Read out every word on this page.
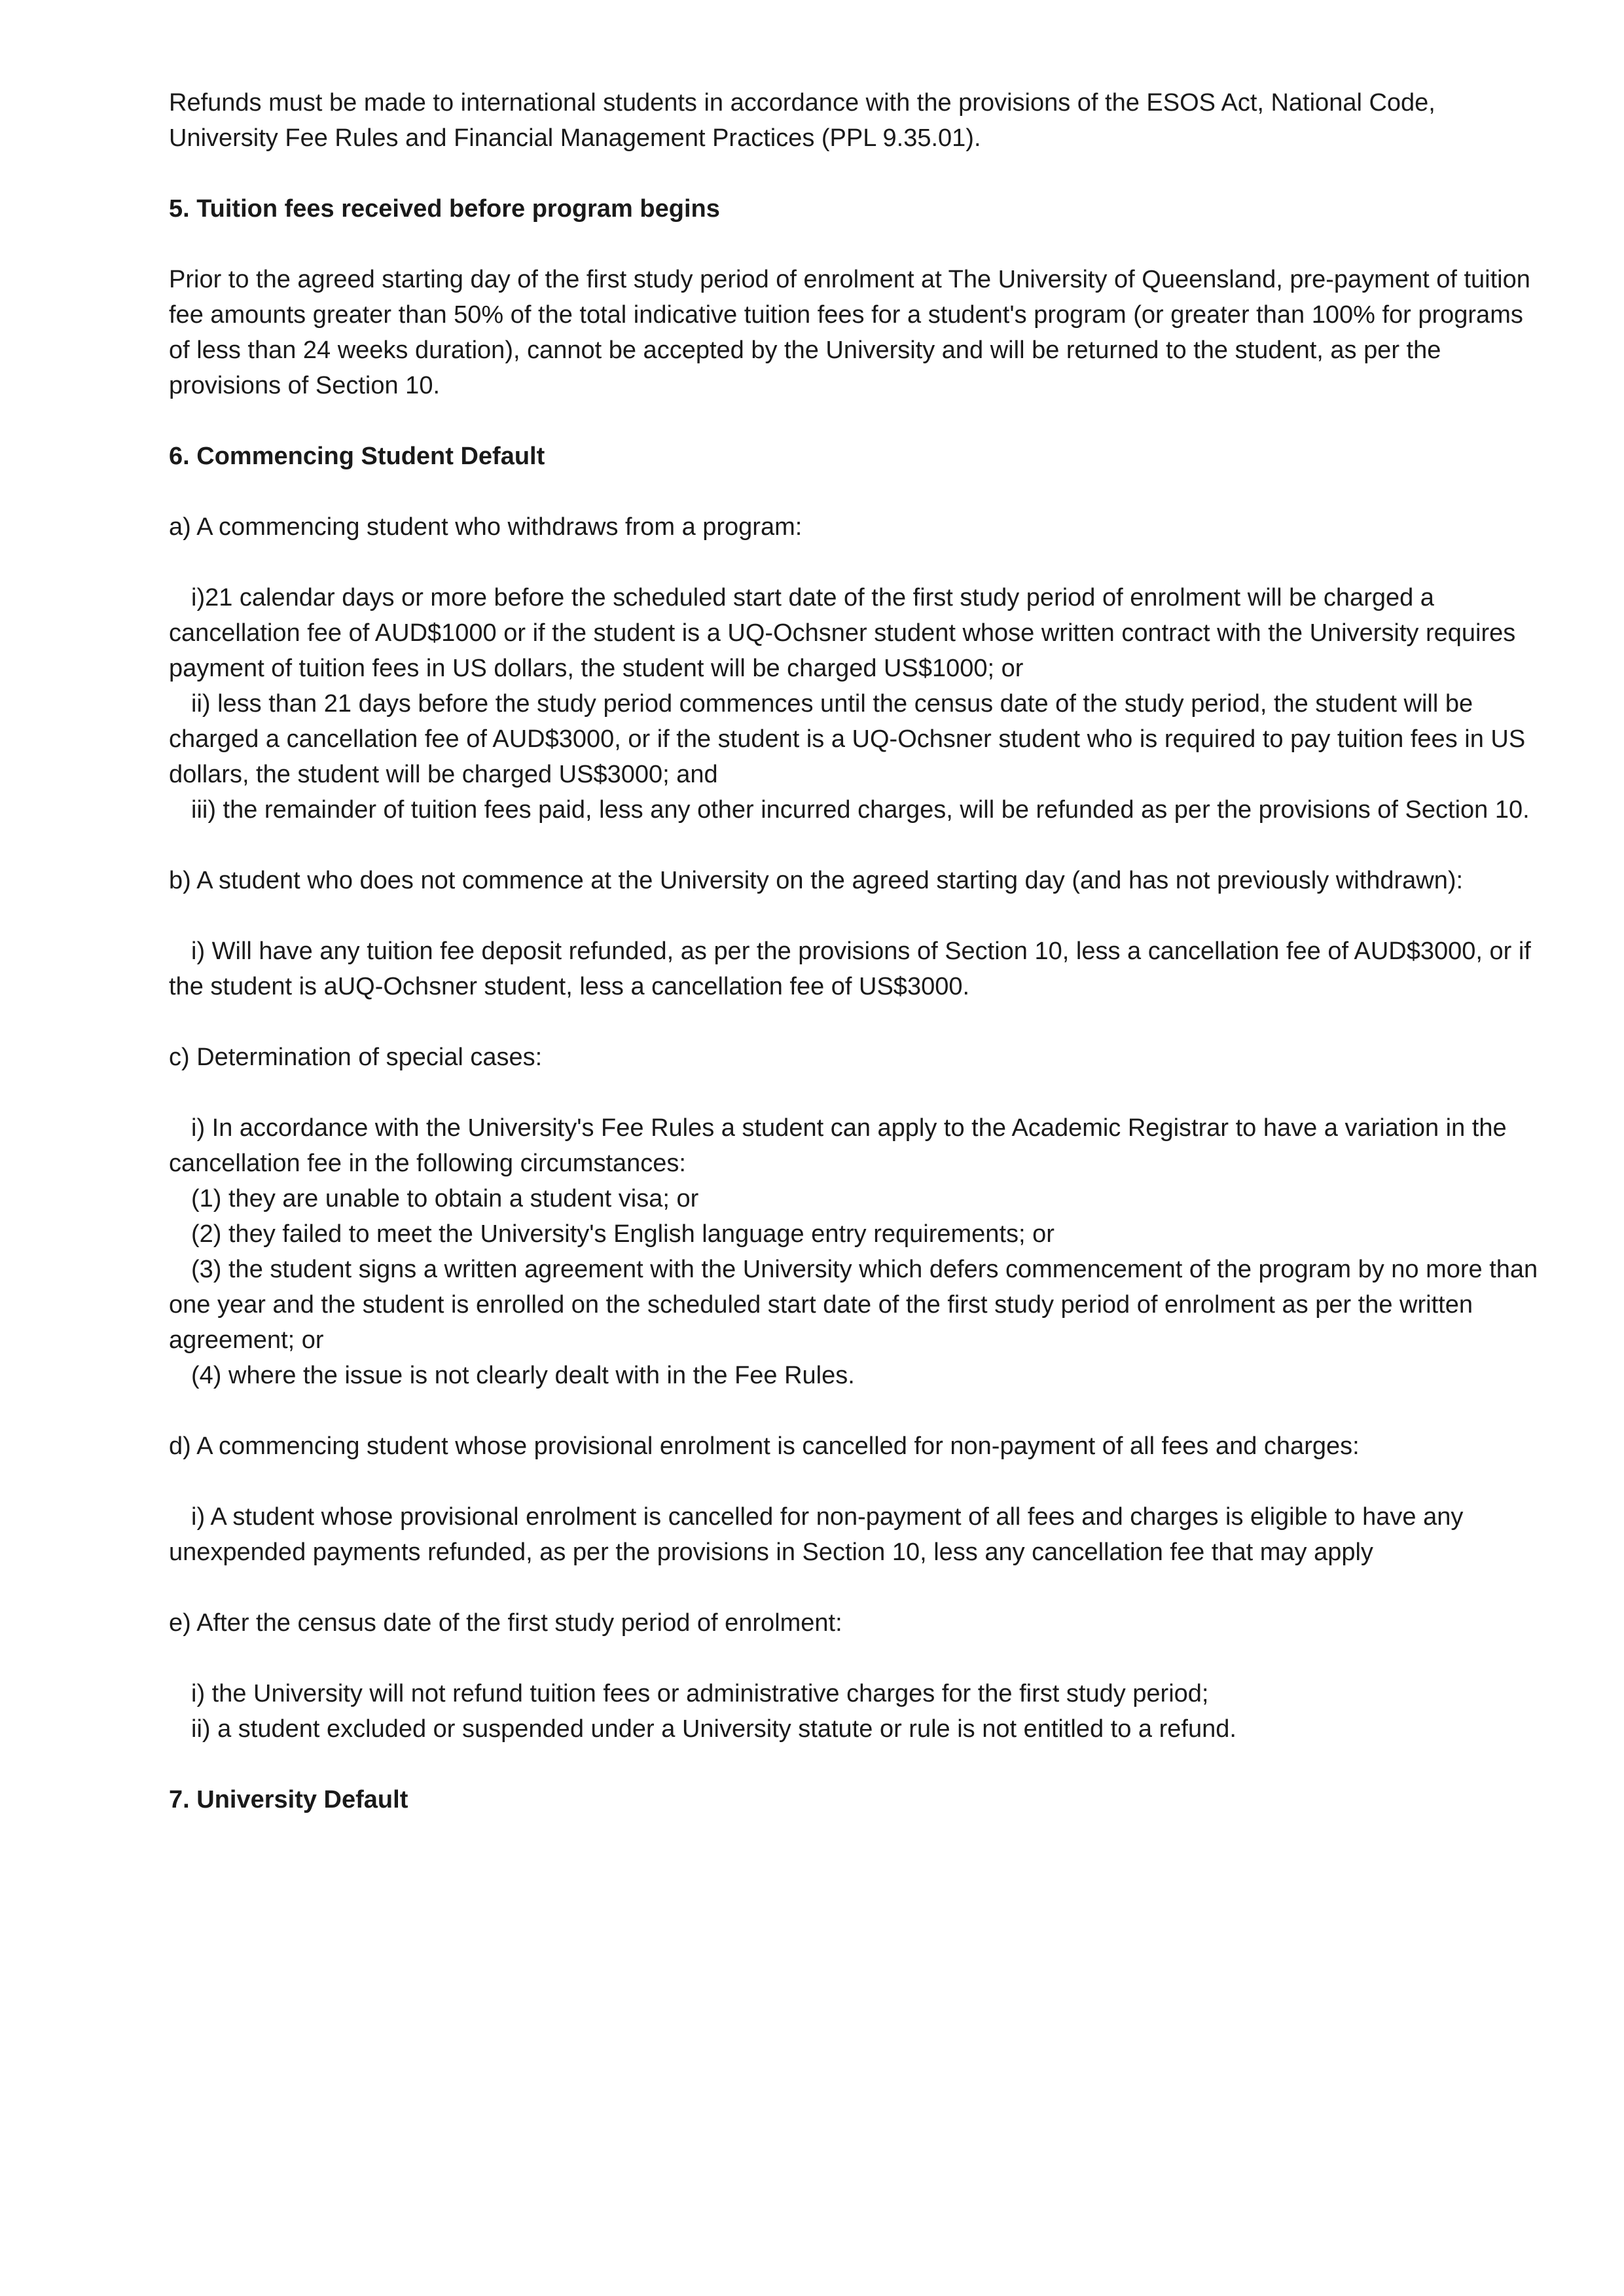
Refunds must be made to international students in accordance with the provisions of the ESOS Act, National Code, University Fee Rules and Financial Management Practices (PPL 9.35.01).

5. Tuition fees received before program begins

Prior to the agreed starting day of the first study period of enrolment at The University of Queensland, pre-payment of tuition fee amounts greater than 50% of the total indicative tuition fees for a student's program (or greater than 100% for programs of less than 24 weeks duration), cannot be accepted by the University and will be returned to the student, as per the provisions of Section 10.

6. Commencing Student Default

a) A commencing student who withdraws from a program:

i)21 calendar days or more before the scheduled start date of the first study period of enrolment will be charged a cancellation fee of AUD$1000 or if the student is a UQ-Ochsner student whose written contract with the University requires payment of tuition fees in US dollars, the student will be charged US$1000; or
ii) less than 21 days before the study period commences until the census date of the study period, the student will be charged a cancellation fee of AUD$3000, or if the student is a UQ-Ochsner student who is required to pay tuition fees in US dollars, the student will be charged US$3000; and
iii) the remainder of tuition fees paid, less any other incurred charges, will be refunded as per the provisions of Section 10.

b) A student who does not commence at the University on the agreed starting day (and has not previously withdrawn):

i) Will have any tuition fee deposit refunded, as per the provisions of Section 10, less a cancellation fee of AUD$3000, or if the student is aUQ-Ochsner student, less a cancellation fee of US$3000.

c) Determination of special cases:

i) In accordance with the University's Fee Rules a student can apply to the Academic Registrar to have a variation in the cancellation fee in the following circumstances:
(1) they are unable to obtain a student visa; or
(2) they failed to meet the University's English language entry requirements; or
(3) the student signs a written agreement with the University which defers commencement of the program by no more than one year and the student is enrolled on the scheduled start date of the first study period of enrolment as per the written agreement; or
(4) where the issue is not clearly dealt with in the Fee Rules.

d) A commencing student whose provisional enrolment is cancelled for non-payment of all fees and charges:

i) A student whose provisional enrolment is cancelled for non-payment of all fees and charges is eligible to have any unexpended payments refunded, as per the provisions in Section 10, less any cancellation fee that may apply

e) After the census date of the first study period of enrolment:

i) the University will not refund tuition fees or administrative charges for the first study period;
ii) a student excluded or suspended under a University statute or rule is not entitled to a refund.
7. University Default
